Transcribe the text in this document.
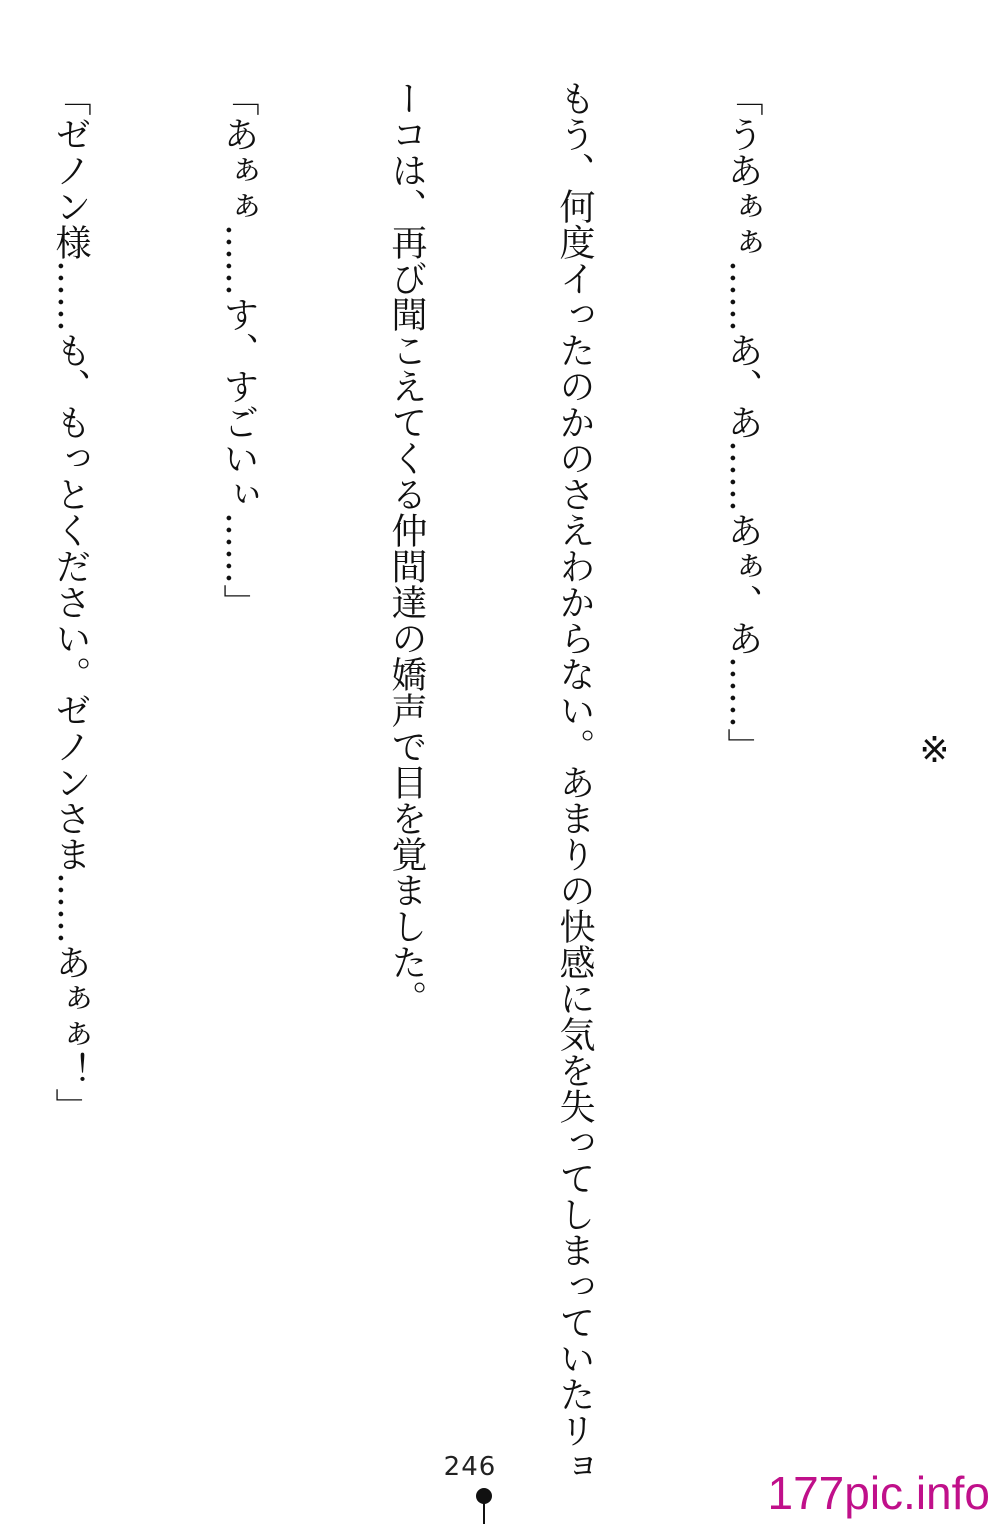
※

「うあぁぁ……あ、あ……あぁ、あ……」

もう、何度イったのかのさえわからない。あまりの快感に気を失ってしまっていたリョ

ーコは、再び聞こえてくる仲間達の嬌声で目を覚ました。

「あぁぁ……す、すごいぃ……」

「ゼノン様……も、もっとください。ゼノンさま……あぁぁ！」

246	177pic.info
